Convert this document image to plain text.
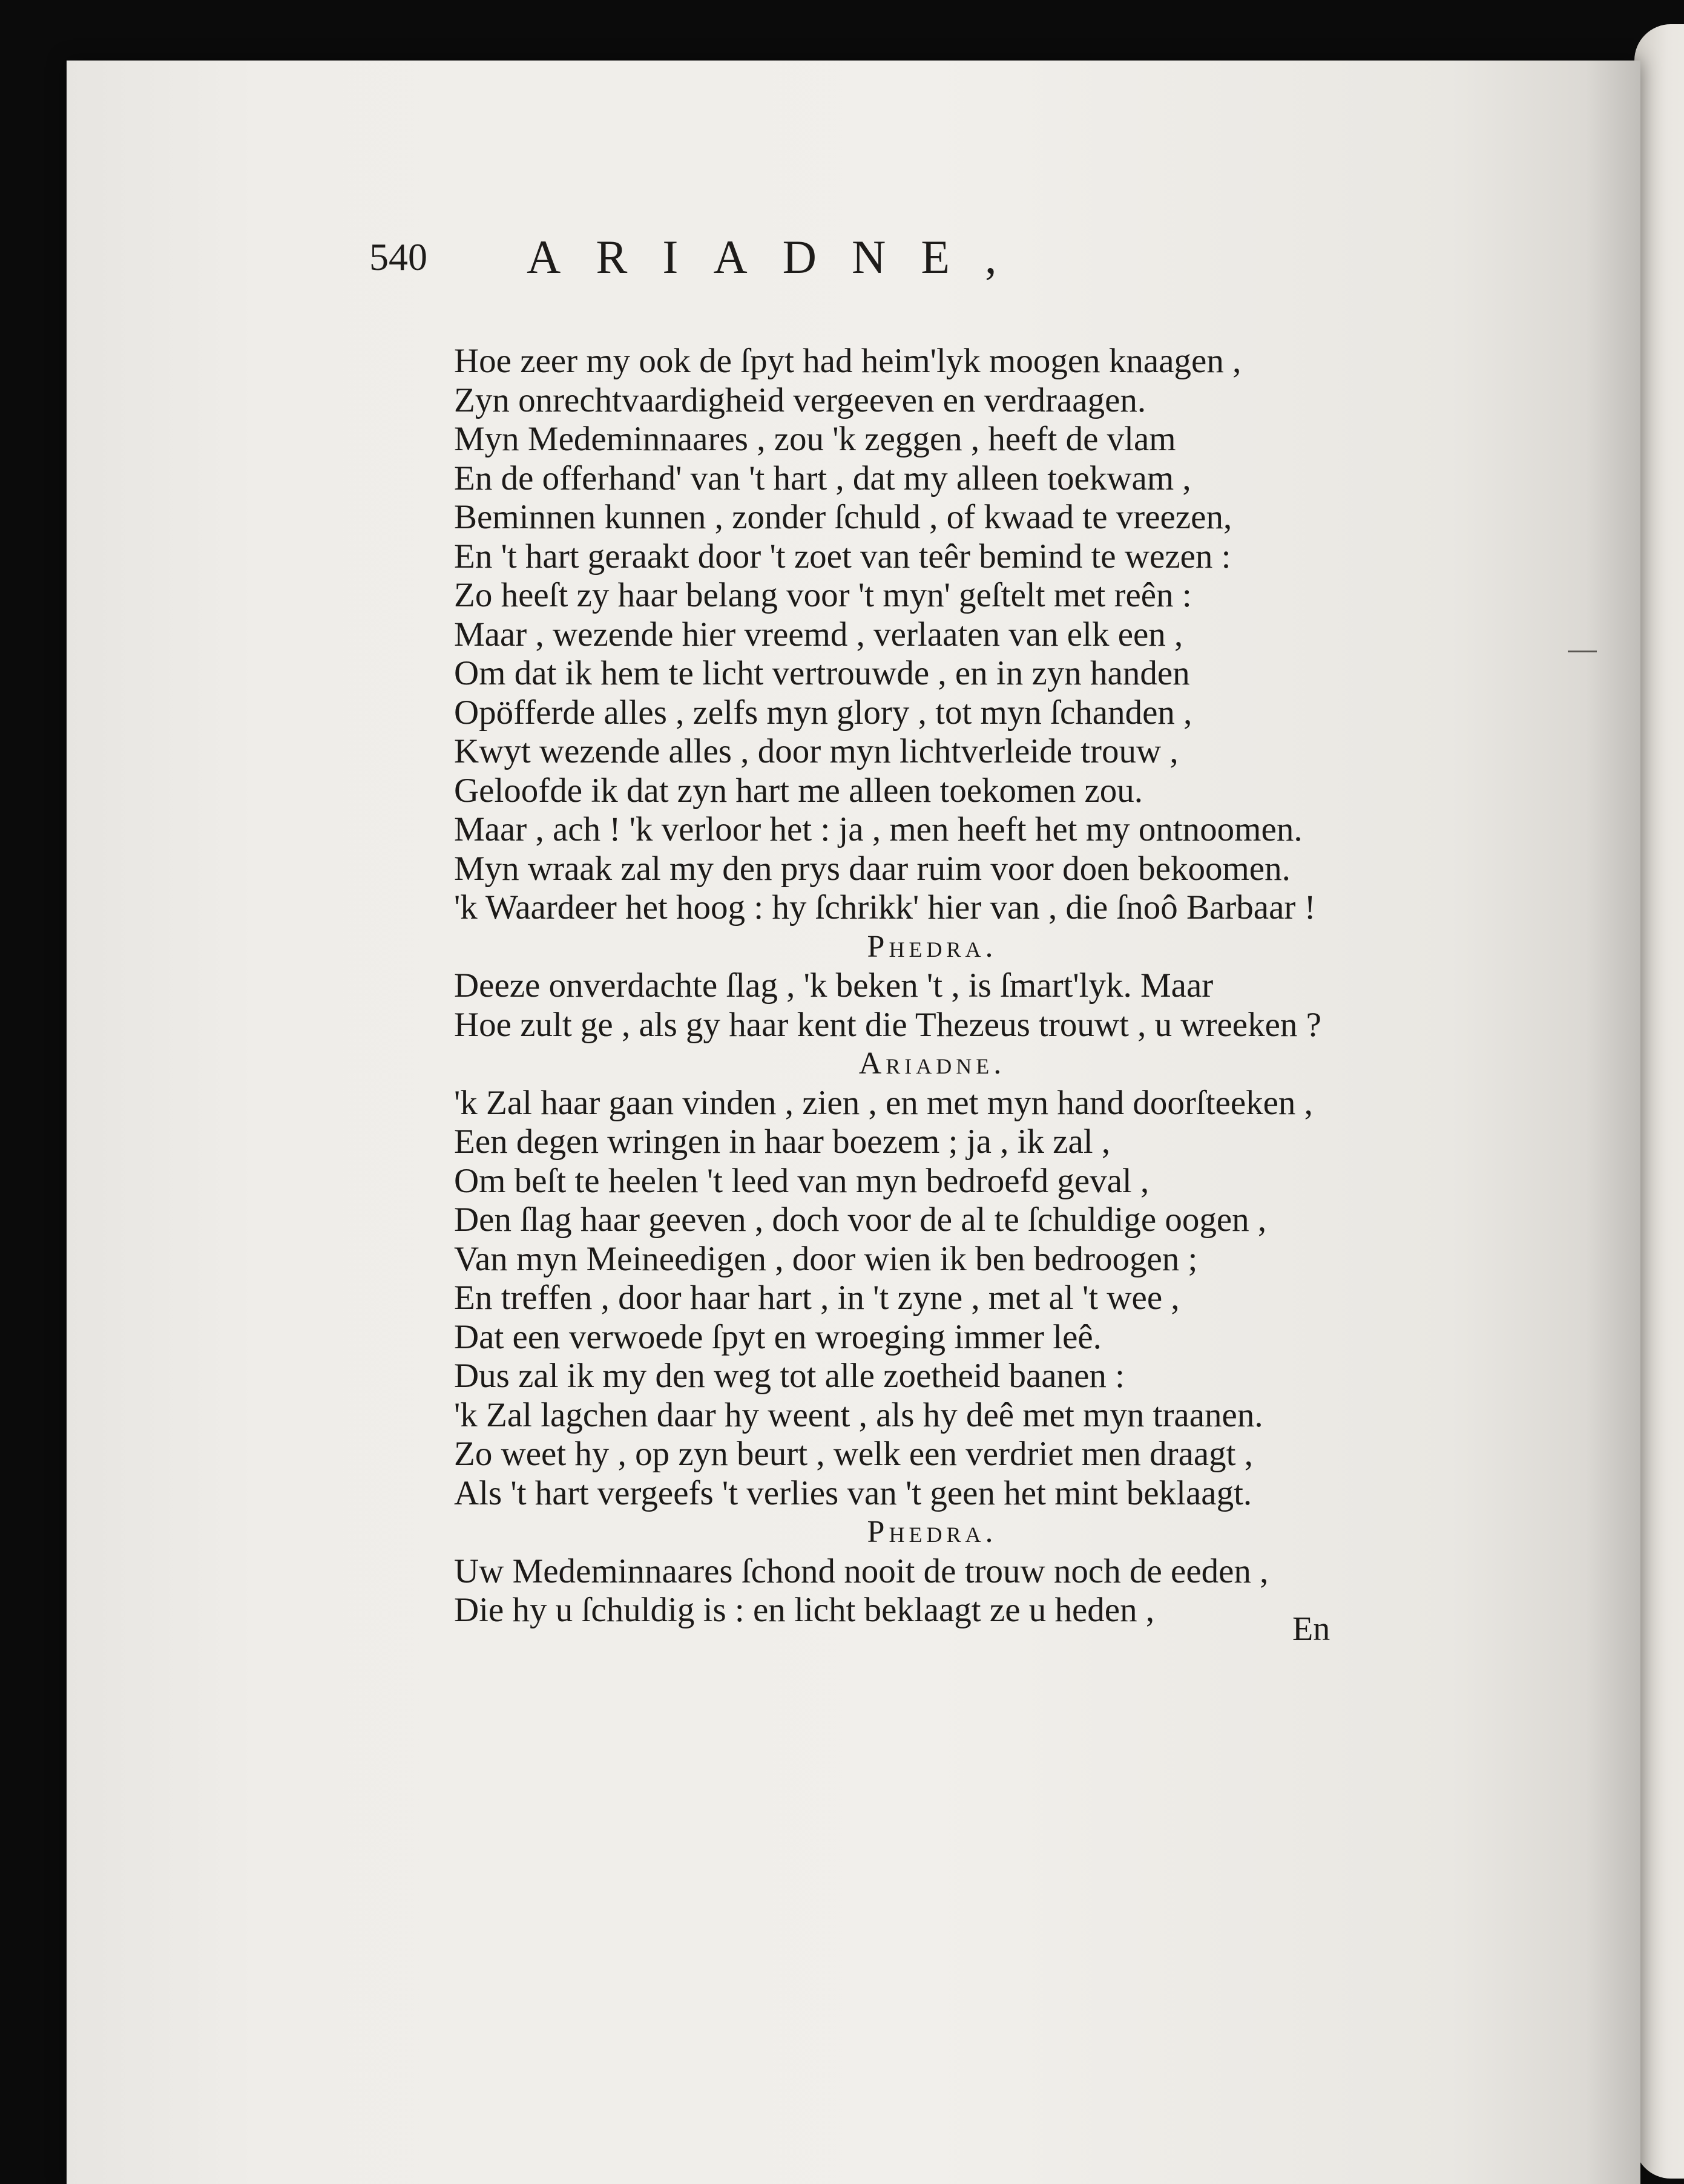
540 ARIADNE,
Hoe zeer my ook de ſpyt had heim'lyk moogen knaagen ,
Zyn onrechtvaardigheid vergeeven en verdraagen.
Myn Medeminnaares , zou 'k zeggen , heeft de vlam
En de offerhand' van 't hart , dat my alleen toekwam ,
Beminnen kunnen , zonder ſchuld , of kwaad te vreezen,
En 't hart geraakt door 't zoet van teêr bemind te wezen :
Zo heeſt zy haar belang voor 't myn' geſtelt met reên :
Maar , wezende hier vreemd , verlaaten van elk een ,
Om dat ik hem te licht vertrouwde , en in zyn handen
Opöfferde alles , zelfs myn glory , tot myn ſchanden ,
Kwyt wezende alles , door myn lichtverleide trouw ,
Geloofde ik dat zyn hart me alleen toekomen zou.
Maar , ach ! 'k verloor het : ja , men heeft het my ontnoomen.
Myn wraak zal my den prys daar ruim voor doen bekoomen.
'k Waardeer het hoog : hy ſchrikk' hier van , die ſnoô Barbaar !
Phedra.
Deeze onverdachte ſlag , 'k beken 't , is ſmart'lyk. Maar
Hoe zult ge , als gy haar kent die Thezeus trouwt , u wreeken ?
Ariadne.
'k Zal haar gaan vinden , zien , en met myn hand doorſteeken ,
Een degen wringen in haar boezem ; ja , ik zal ,
Om beſt te heelen 't leed van myn bedroefd geval ,
Den ſlag haar geeven , doch voor de al te ſchuldige oogen ,
Van myn Meineedigen , door wien ik ben bedroogen ;
En treffen , door haar hart , in 't zyne , met al 't wee ,
Dat een verwoede ſpyt en wroeging immer leê.
Dus zal ik my den weg tot alle zoetheid baanen :
'k Zal lagchen daar hy weent , als hy deê met myn traanen.
Zo weet hy , op zyn beurt , welk een verdriet men draagt ,
Als 't hart vergeefs 't verlies van 't geen het mint beklaagt.
Phedra.
Uw Medeminnaares ſchond nooit de trouw noch de eeden ,
Die hy u ſchuldig is : en licht beklaagt ze u heden ,	En
